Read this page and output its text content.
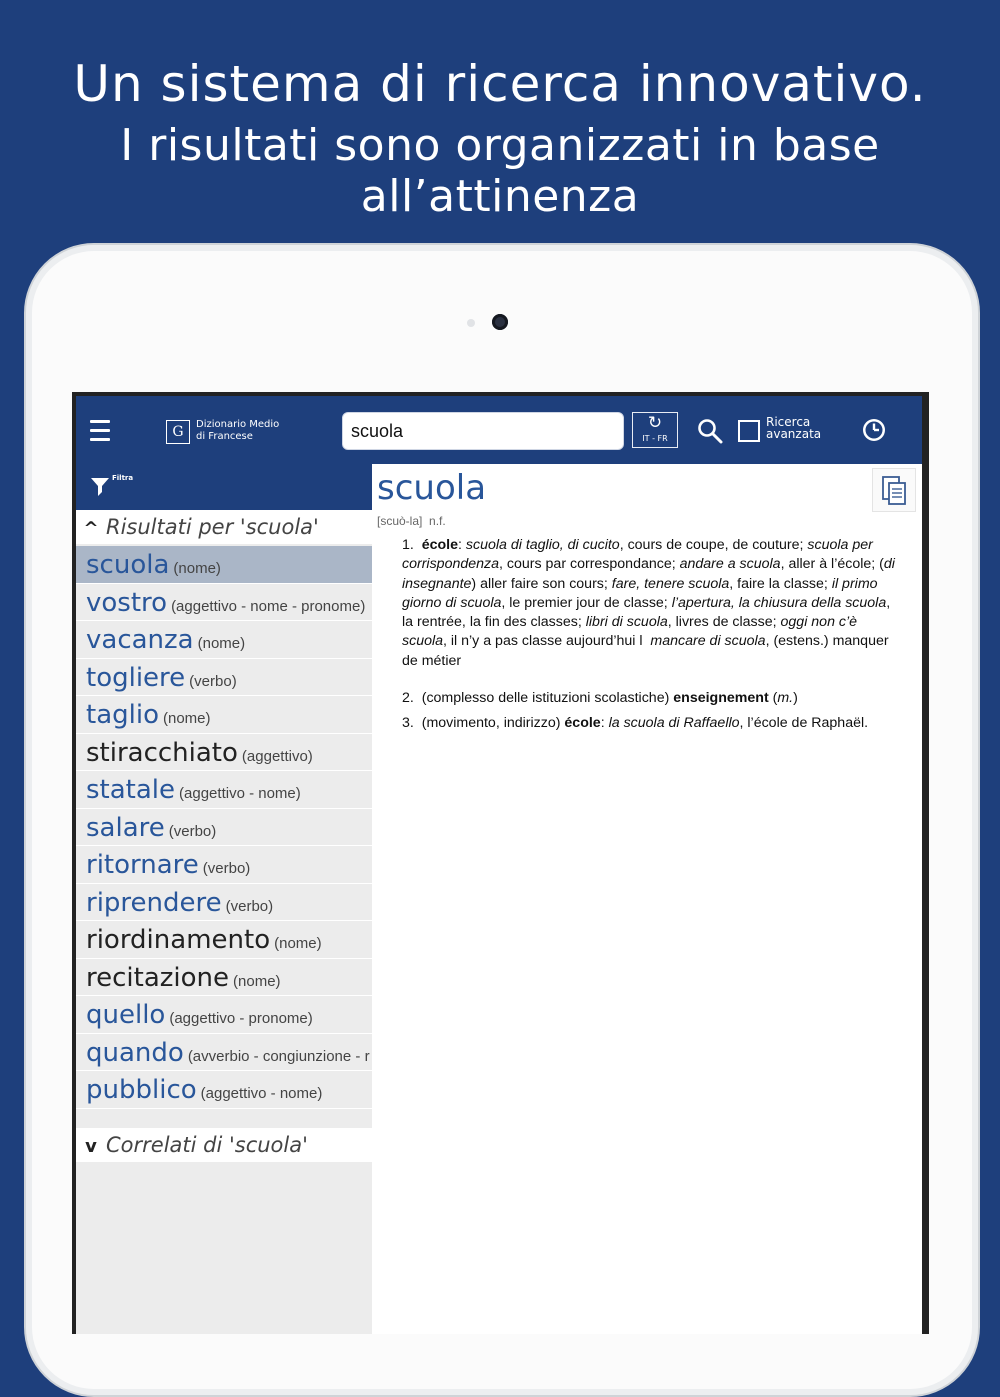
Un sistema di ricerca innovativo.
I risultati sono organizzati in base all’attinenza
G	Dizionario Medio
di Francese
scuola
↻
IT - FR
Ricerca
avanzata
Filtra
^ Risultati per 'scuola'
scuola (nome)
vostro (aggettivo - nome - pronome)
vacanza (nome)
togliere (verbo)
taglio (nome)
stiracchiato (aggettivo)
statale (aggettivo - nome)
salare (verbo)
ritornare (verbo)
riprendere (verbo)
riordinamento (nome)
recitazione (nome)
quello (aggettivo - pronome)
quando (avverbio - congiunzione - r
pubblico (aggettivo - nome)
v Correlati di 'scuola'
scuola
[scuò-la] n.f.
1.  école: scuola di taglio, di cucito, cours de coupe, de couture; scuola per corrispondenza, cours par correspondance; andare a scuola, aller à l’école; (di insegnante) aller faire son cours; fare, tenere scuola, faire la classe; il primo giorno di scuola, le premier jour de classe; l’apertura, la chiusura della scuola, la rentrée, la fin des classes; libri di scuola, livres de classe; oggi non c’è scuola, il n’y a pas classe aujourd’hui l  mancare di scuola, (estens.) manquer de métier
2.  (complesso delle istituzioni scolastiche) enseignement (m.)
3.  (movimento, indirizzo) école: la scuola di Raffaello, l’école de Raphaël.
